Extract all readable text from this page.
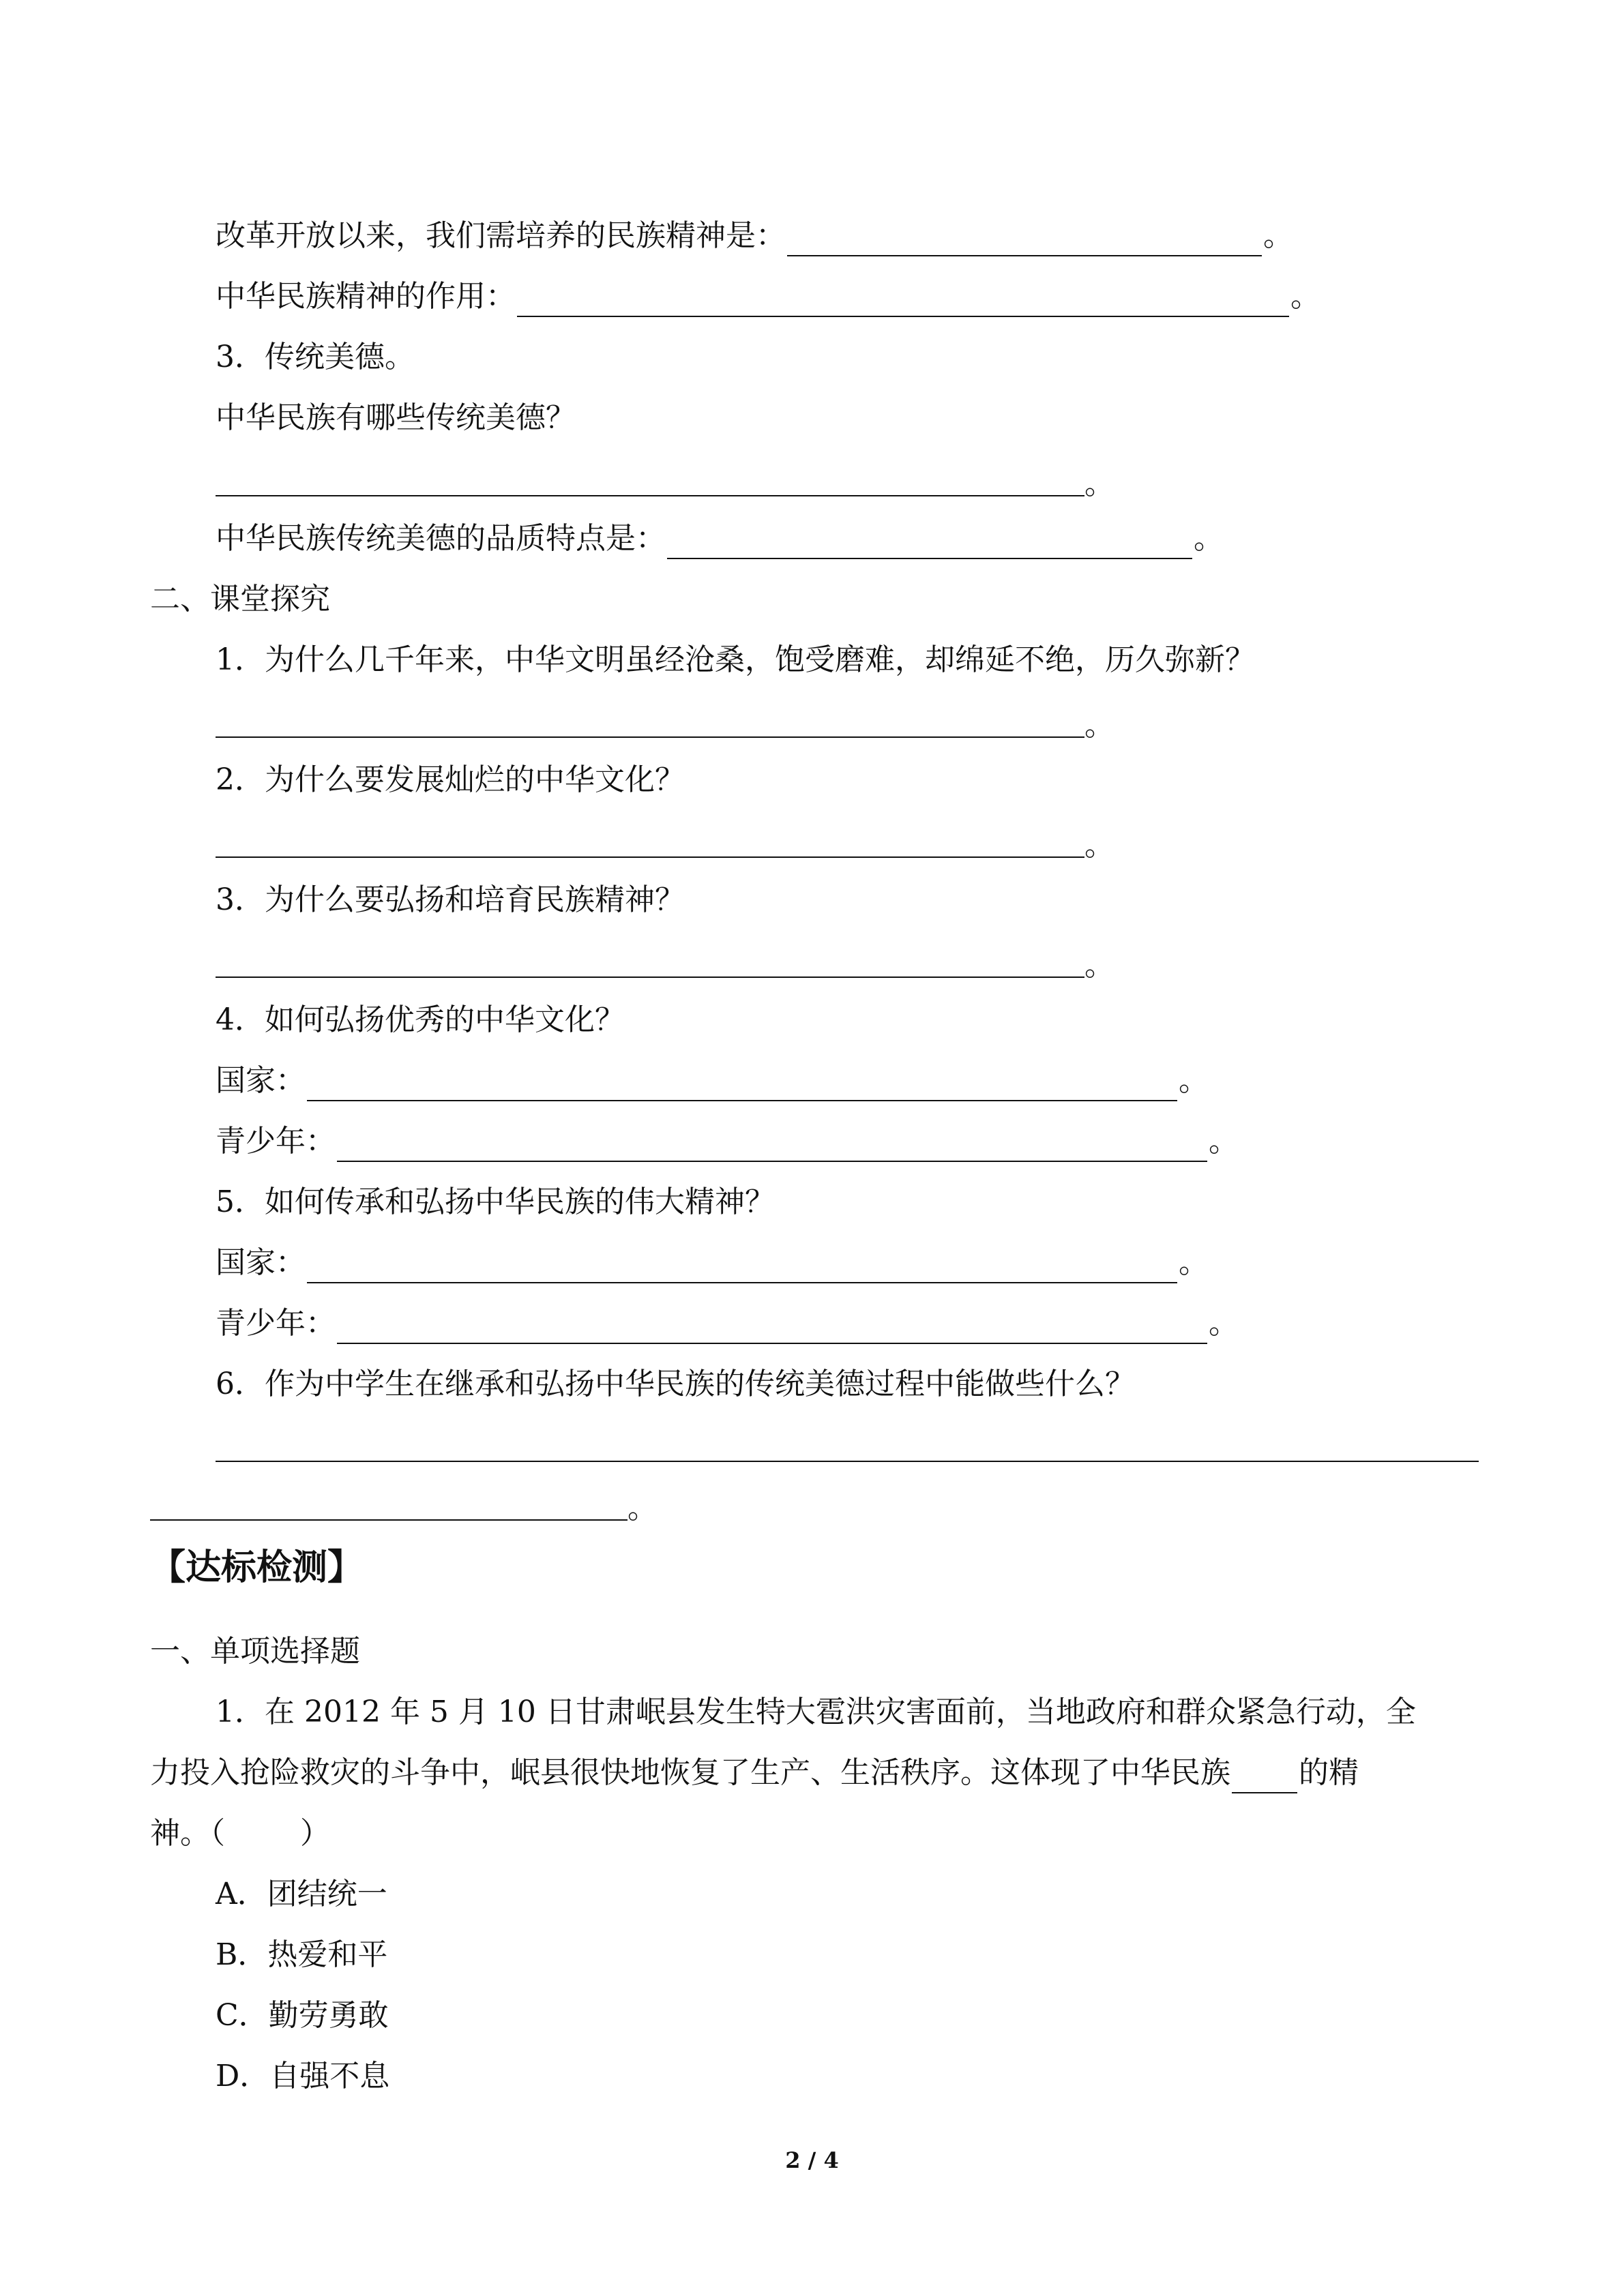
改革开放以来，我们需培养的民族精神是：	。
中华民族精神的作用：	。
3．传统美德。
中华民族有哪些传统美德？
。
中华民族传统美德的品质特点是：	。
二、课堂探究
1．为什么几千年来，中华文明虽经沧桑，饱受磨难，却绵延不绝，历久弥新？
。
2．为什么要发展灿烂的中华文化？
。
3．为什么要弘扬和培育民族精神？
。
4．如何弘扬优秀的中华文化？
国家：	。
青少年：	。
5．如何传承和弘扬中华民族的伟大精神？
国家：	。
青少年：	。
6．作为中学生在继承和弘扬中华民族的传统美德过程中能做些什么？
。
【达标检测】
一、单项选择题
1．在 2012 年 5 月 10 日甘肃岷县发生特大雹洪灾害面前，当地政府和群众紧急行动，全
力投入抢险救灾的斗争中，岷县很快地恢复了生产、生活秩序。这体现了中华民族 的精
神。（	）
A．团结统一
B．热爱和平
C．勤劳勇敢
D．自强不息
2 / 4
